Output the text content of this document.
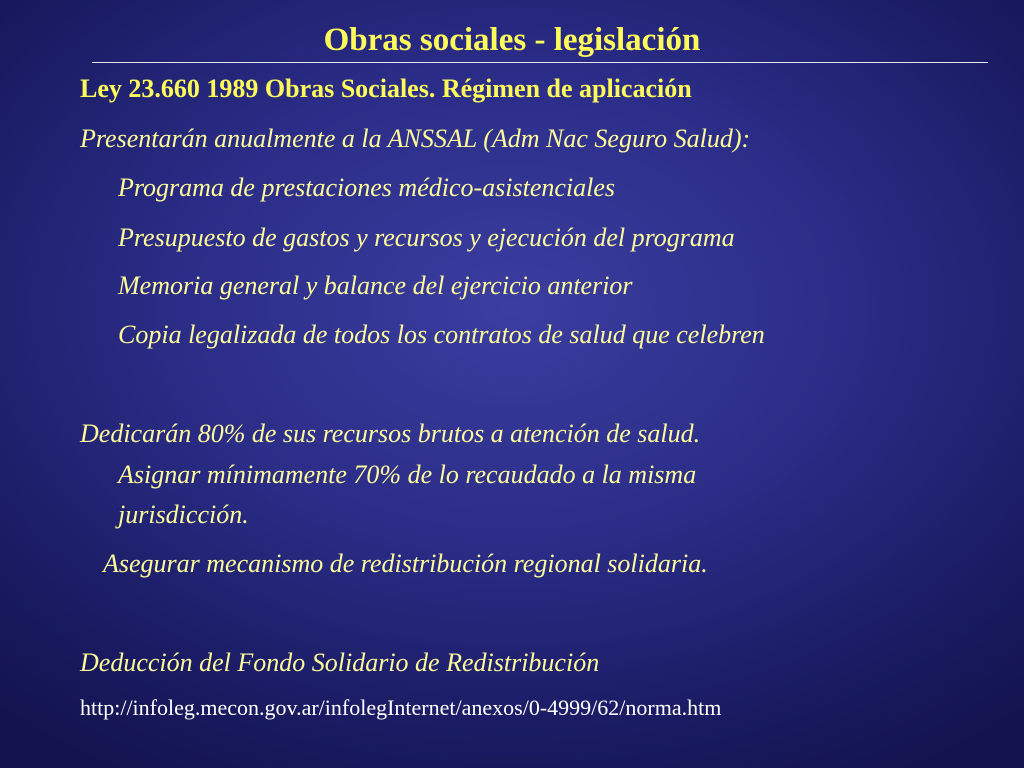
Obras sociales - legislación
Ley 23.660 1989 Obras Sociales. Régimen de aplicación
Presentarán anualmente a la ANSSAL (Adm Nac Seguro Salud):
Programa de prestaciones médico-asistenciales
Presupuesto de gastos y recursos y ejecución del programa
Memoria general y balance del ejercicio anterior
Copia legalizada de todos los contratos de salud que celebren
Dedicarán 80% de sus recursos brutos a atención de salud.
Asignar mínimamente 70% de lo recaudado a la misma
jurisdicción.
Asegurar mecanismo de redistribución regional solidaria.
Deducción del Fondo Solidario de Redistribución
http://infoleg.mecon.gov.ar/infolegInternet/anexos/0-4999/62/norma.htm
